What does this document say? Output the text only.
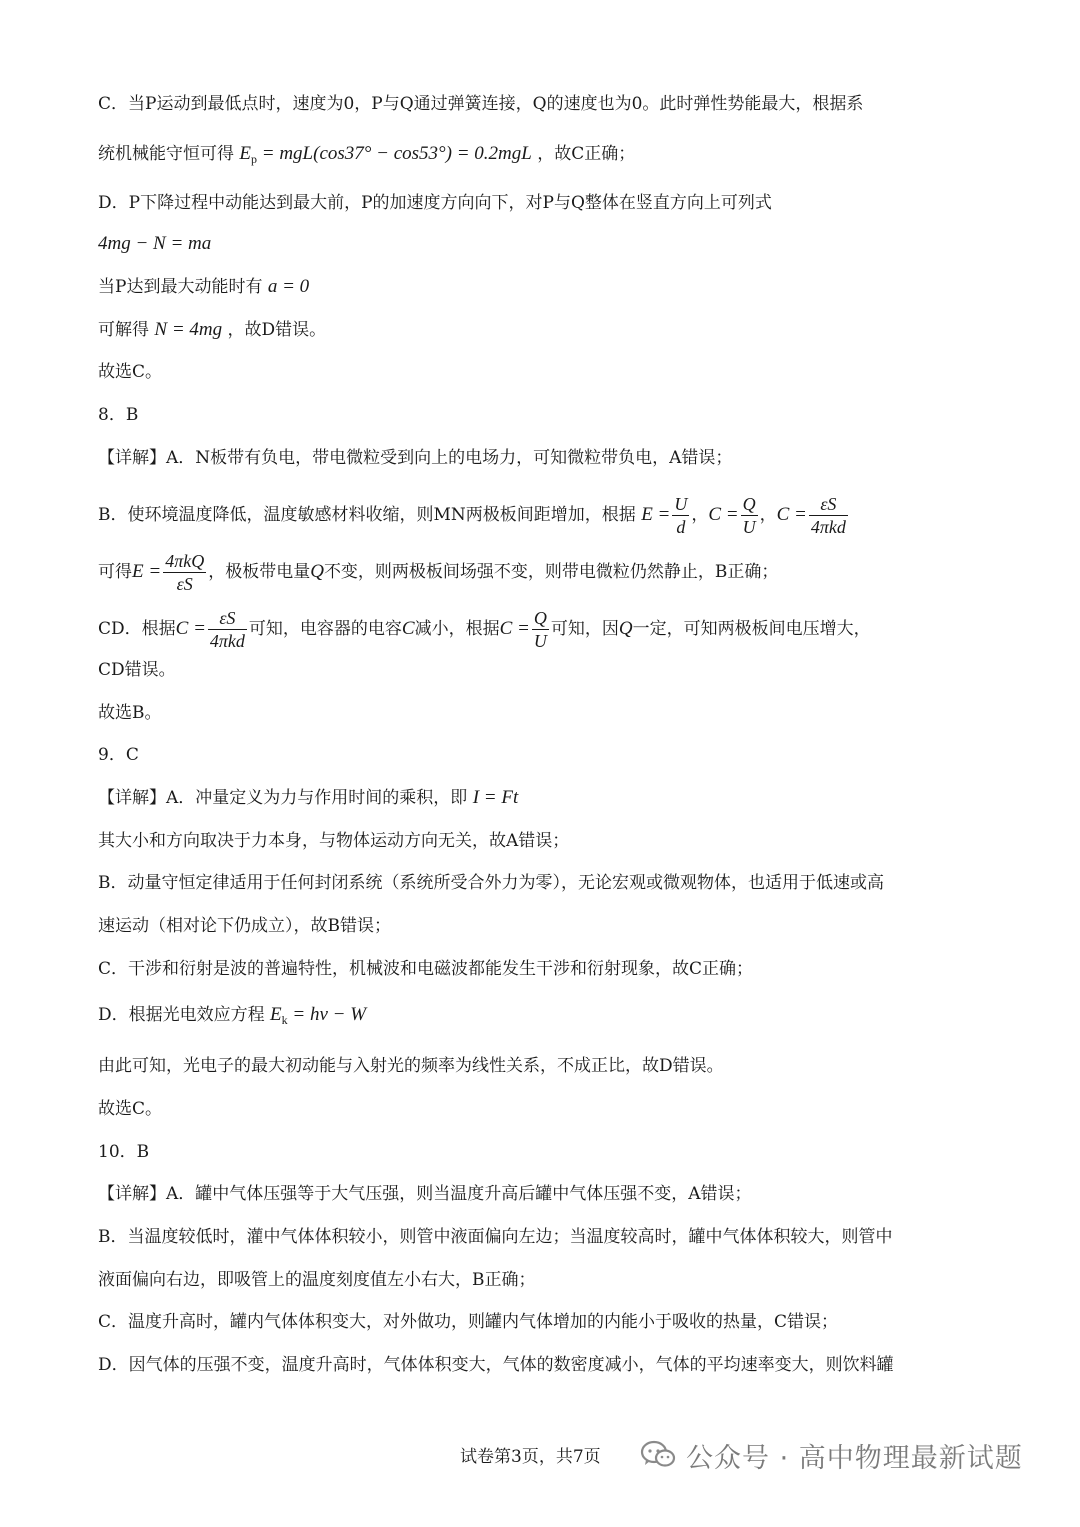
C．当P运动到最低点时，速度为0，P与Q通过弹簧连接，Q的速度也为0。此时弹性势能最大，根据系
统机械能守恒可得 $E_p = mgL(\cos 37^\circ - \cos 53^\circ) = 0.2mgL$ ，故C正确；
D．P下降过程中动能达到最大前，P的加速度方向向下，对P与Q整体在竖直方向上可列式
4mg − N = ma
当P达到最大动能时有 a = 0
可解得 N = 4mg ，故D错误。
故选C。
8．B
【详解】A．N板带有负电，带电微粒受到向上的电场力，可知微粒带负电，A错误；
B．使环境温度降低，温度敏感材料收缩，则MN两极板间距增加，根据 $E = \frac{U}{d}$ ，$C = \frac{Q}{U}$ ，$C = \frac{\varepsilon S}{\text{4πkd}}$
可得$E = \frac{\text{4πkQ}}{\varepsilon S}$ ，极板带电量Q不变，则两极板间场强不变，则带电微粒仍然静止，B正确；
CD．根据$C = \frac{\varepsilon S}{\text{4πkd}}$ 可知，电容器的电容C减小，根据$C = \frac{Q}{U}$ 可知，因Q一定，可知两极板间电压增大，
CD错误。
故选B。
9．C
【详解】A．冲量定义为力与作用时间的乘积，即 I = Ft
其大小和方向取决于力本身，与物体运动方向无关，故A错误；
B．动量守恒定律适用于任何封闭系统（系统所受合外力为零），无论宏观或微观物体，也适用于低速或高
速运动（相对论下仍成立），故B错误；
C．干涉和衍射是波的普遍特性，机械波和电磁波都能发生干涉和衍射现象，故C正确；
D．根据光电效应方程 $E_k = h\nu - W$
由此可知，光电子的最大初动能与入射光的频率为线性关系，不成正比，故D错误。
故选C。
10．B
【详解】A．罐中气体压强等于大气压强，则当温度升高后罐中气体压强不变，A错误；
B．当温度较低时，灌中气体体积较小，则管中液面偏向左边；当温度较高时，罐中气体体积较大，则管中
液面偏向右边，即吸管上的温度刻度值左小右大，B正确；
C．温度升高时，罐内气体体积变大，对外做功，则罐内气体增加的内能小于吸收的热量，C错误；
D．因气体的压强不变，温度升高时，气体体积变大，气体的数密度减小，气体的平均速率变大，则饮料罐
试卷第3页，共7页	公众号 · 高中物理最新试题
